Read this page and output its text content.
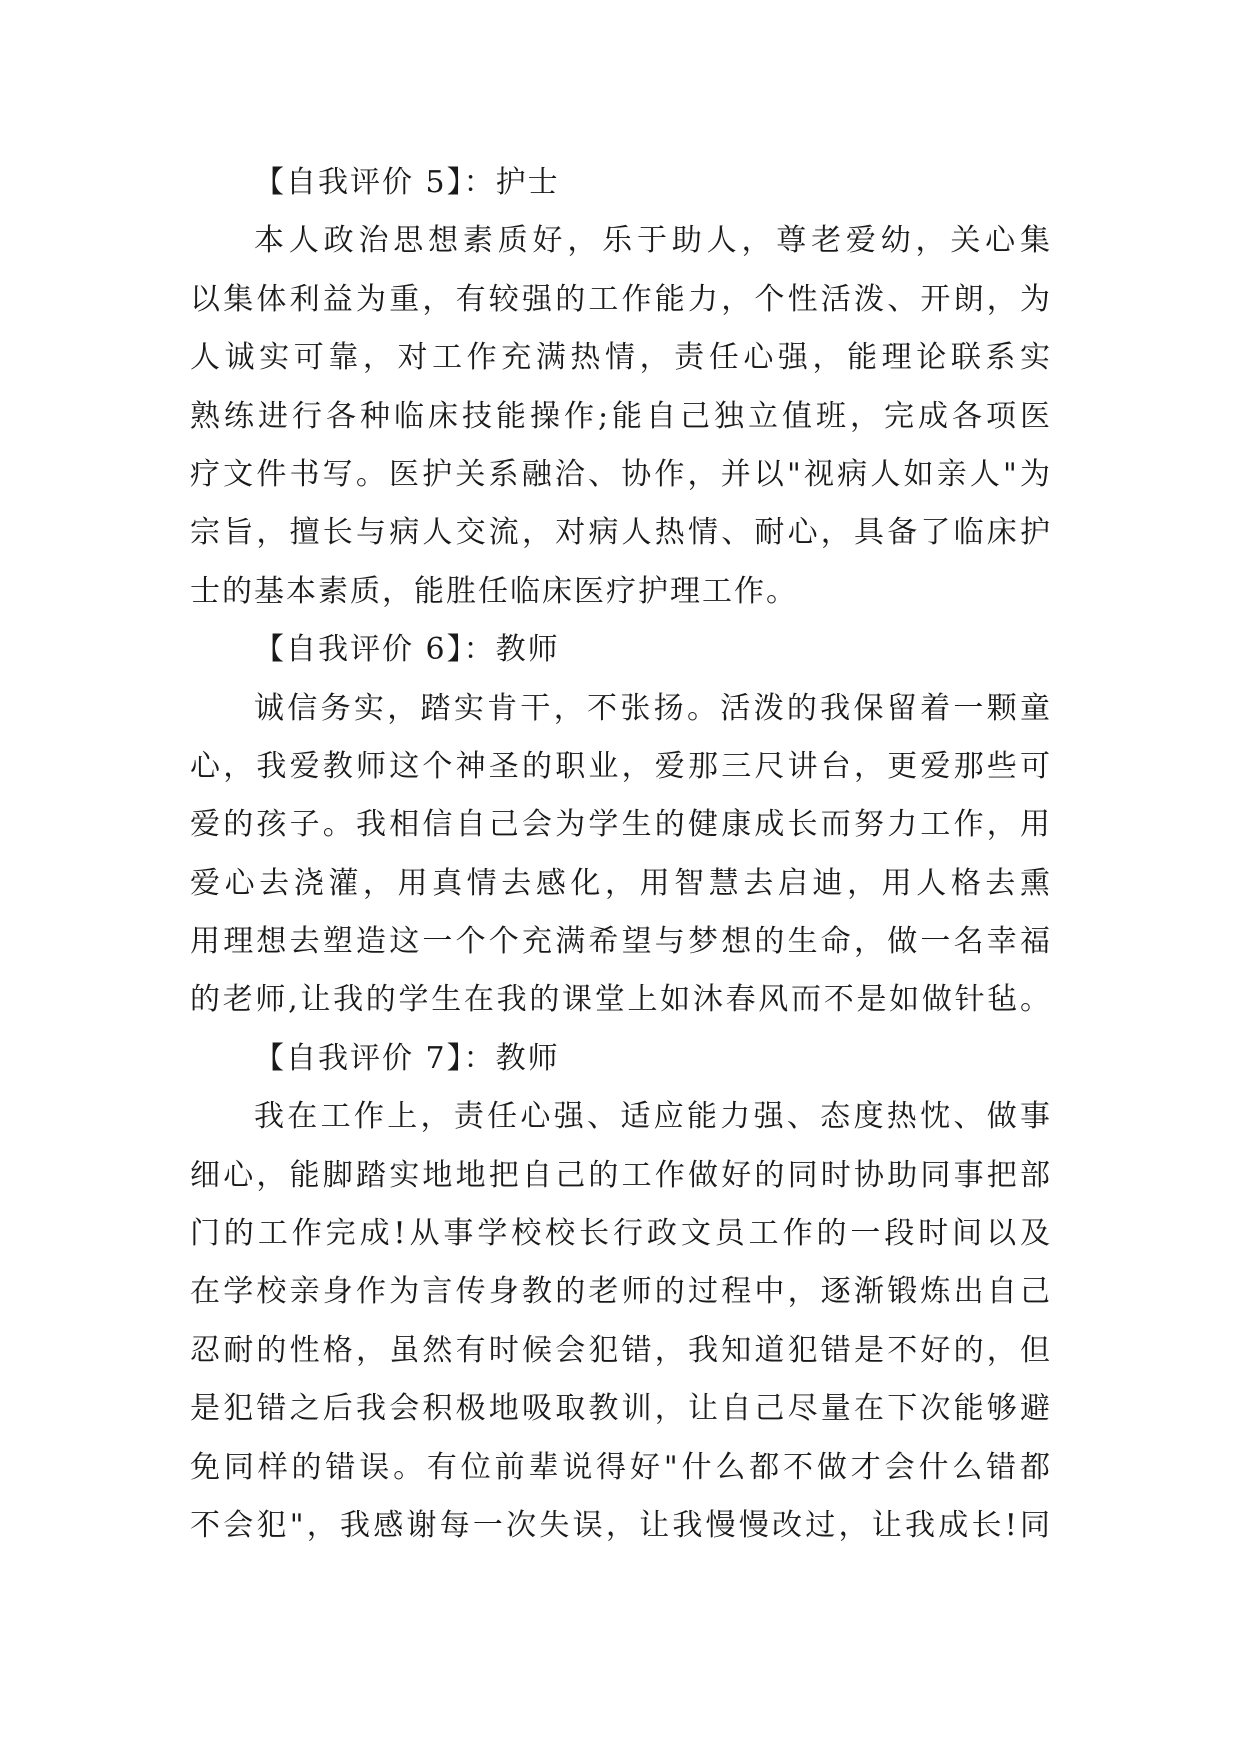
【自我评价 5】：护士
本人政治思想素质好，乐于助人，尊老爱幼，关心集
以集体利益为重，有较强的工作能力，个性活泼、开朗，为
人诚实可靠，对工作充满热情，责任心强，能理论联系实
熟练进行各种临床技能操作;能自己独立值班，完成各项医
疗文件书写。医护关系融洽、协作，并以"视病人如亲人"为
宗旨，擅长与病人交流，对病人热情、耐心，具备了临床护
士的基本素质，能胜任临床医疗护理工作。
【自我评价 6】：教师
诚信务实，踏实肯干，不张扬。活泼的我保留着一颗童
心，我爱教师这个神圣的职业，爱那三尺讲台，更爱那些可
爱的孩子。我相信自己会为学生的健康成长而努力工作，用
爱心去浇灌，用真情去感化，用智慧去启迪，用人格去熏
用理想去塑造这一个个充满希望与梦想的生命，做一名幸福
的老师,让我的学生在我的课堂上如沐春风而不是如做针毡。
【自我评价 7】：教师
我在工作上，责任心强、适应能力强、态度热忱、做事
细心，能脚踏实地地把自己的工作做好的同时协助同事把部
门的工作完成!从事学校校长行政文员工作的一段时间以及
在学校亲身作为言传身教的老师的过程中，逐渐锻炼出自己
忍耐的性格，虽然有时候会犯错，我知道犯错是不好的，但
是犯错之后我会积极地吸取教训，让自己尽量在下次能够避
免同样的错误。有位前辈说得好"什么都不做才会什么错都
不会犯"，我感谢每一次失误，让我慢慢改过，让我成长!同
